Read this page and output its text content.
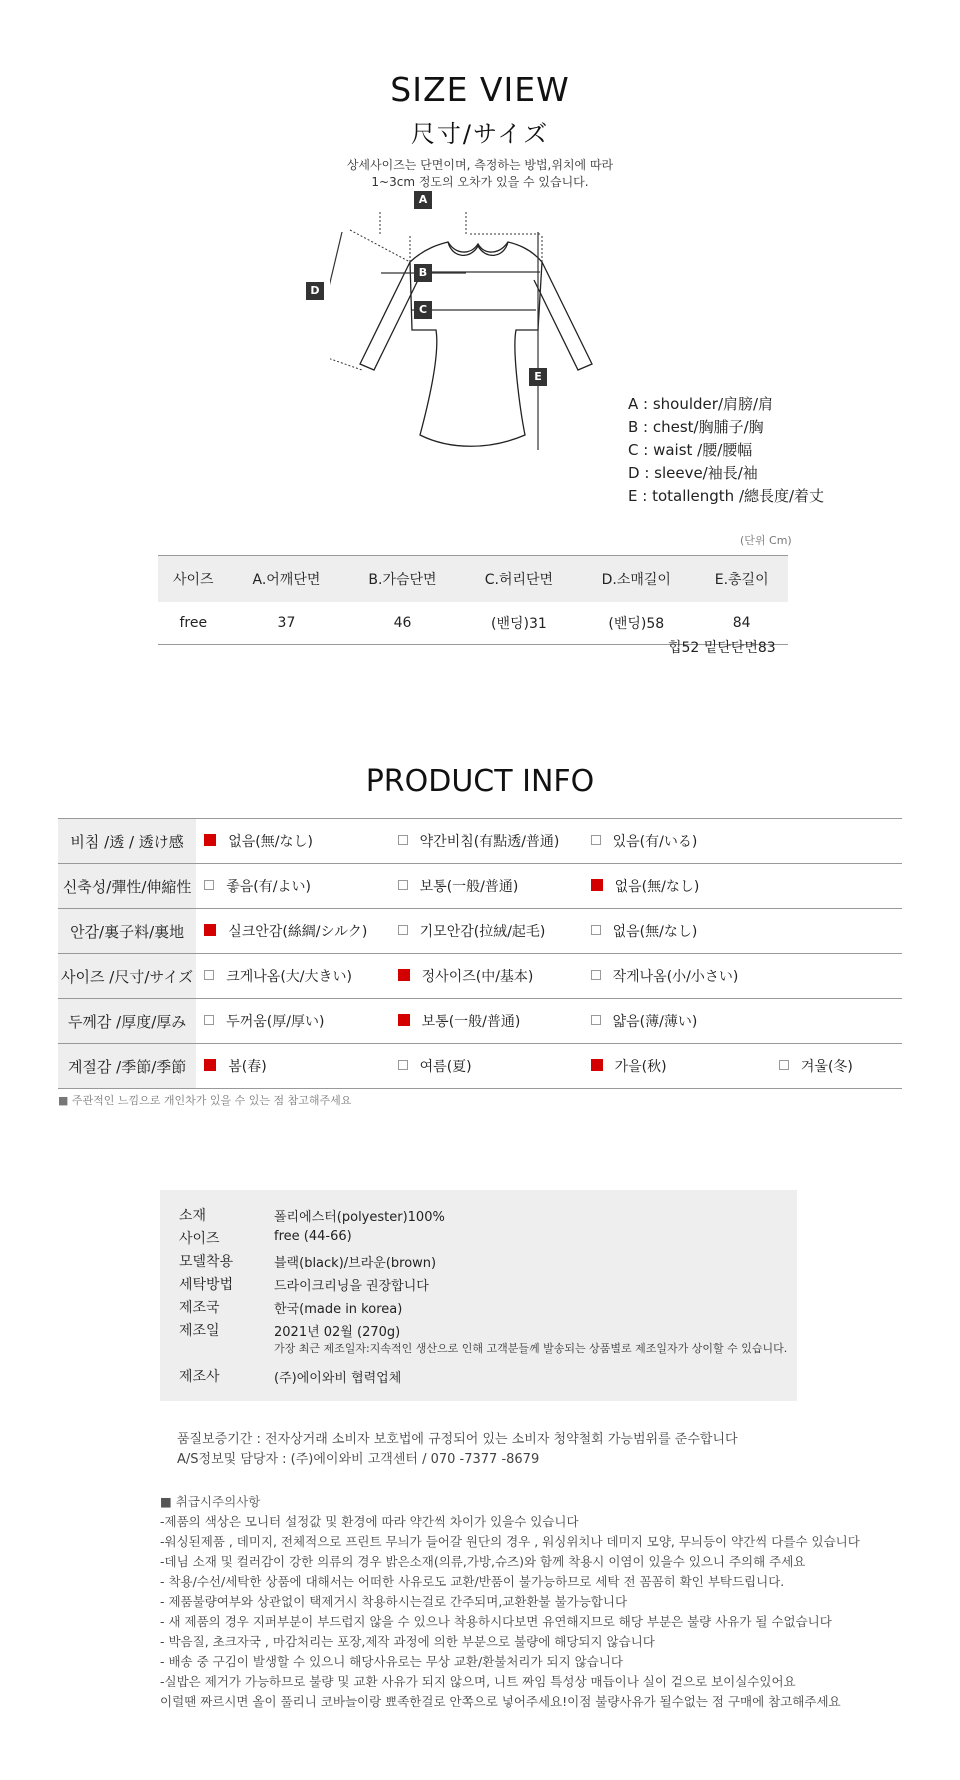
SIZE VIEW
尺寸/サイズ
상세사이즈는 단면이며, 측정하는 방법,위치에 따라
1~3cm 정도의 오차가 있을 수 있습니다.
A
B
C
D
E
A : shoulder/肩膀/肩
B : chest/胸脯子/胸
C : waist /腰/腰幅
D : sleeve/袖長/袖
E : totallength /總長度/着丈
(단위 Cm)
사이즈	A.어깨단면	B.가슴단면	C.허리단면	D.소매길이	E.총길이
free	37	46	(밴딩)31	(밴딩)58	84
힙52 밑단단면83
PRODUCT INFO
비침 /透 / 透け感	없음(無/なし)	약간비침(有點透/普通)	있음(有/いる)	
신축성/彈性/伸縮性	좋음(有/よい)	보통(一般/普通)	없음(無/なし)	
안감/裏子料/裏地	실크안감(絲綢/シルク)	기모안감(拉絨/起毛)	없음(無/なし)	
사이즈 /尺寸/サイズ	크게나옴(大/大きい)	정사이즈(中/基本)	작게나옴(小/小さい)	
두께감 /厚度/厚み	두꺼움(厚/厚い)	보통(一般/普通)	얇음(薄/薄い)	
계절감 /季節/季節	봄(春)	여름(夏)	가을(秋)	겨울(冬)
■ 주관적인 느낌으로 개인차가 있을 수 있는 점 참고해주세요
소재	폴리에스터(polyester)100%
사이즈	free (44-66)
모델착용	블랙(black)/브라운(brown)
세탁방법	드라이크리닝을 권장합니다
제조국	한국(made in korea)
제조일	2021년 02월 (270g)
가장 최근 제조일자:지속적인 생산으로 인해 고객분들께 발송되는 상품별로 제조일자가 상이할 수 있습니다.
제조사	(주)에이와비 협력업체
품질보증기간 : 전자상거래 소비자 보호법에 규정되어 있는 소비자 청약철회 가능범위를 준수합니다
A/S정보및 담당자 : (주)에이와비 고객센터 / 070 -7377 -8679
■ 취급시주의사항
-제품의 색상은 모니터 설정값 및 환경에 따라 약간씩 차이가 있을수 있습니다
-워싱된제품 , 데미지, 전체적으로 프린트 무늬가 들어갈 원단의 경우 , 워싱위치나 데미지 모양, 무늬등이 약간씩 다를수 있습니다
-데님 소재 및 컬러감이 강한 의류의 경우 밝은소재(의류,가방,슈즈)와 함께 착용시 이염이 있을수 있으니 주의해 주세요
- 착용/수선/세탁한 상품에 대해서는 어떠한 사유로도 교환/반품이 불가능하므로 세탁 전 꼼꼼히 확인 부탁드립니다.
- 제품불량여부와 상관없이 택제거시 착용하시는걸로 간주되며,교환환불 불가능합니다
- 새 제품의 경우 지퍼부분이 부드럽지 않을 수 있으나 착용하시다보면 유연해지므로 해당 부분은 불량 사유가 될 수없습니다
- 박음질, 초크자국 , 마감처리는 포장,제작 과정에 의한 부분으로 불량에 해당되지 않습니다
- 배송 중 구김이 발생할 수 있으니 해당사유로는 무상 교환/환불처리가 되지 않습니다
-실밥은 제거가 가능하므로 불량 및 교환 사유가 되지 않으며, 니트 짜임 특성상 매듭이나 실이 겉으로 보이실수있어요
이럴땐 짜르시면 올이 풀리니 코바늘이랑 뾰족한걸로 안쪽으로 넣어주세요!이점 불량사유가 될수없는 점 구매에 참고해주세요
